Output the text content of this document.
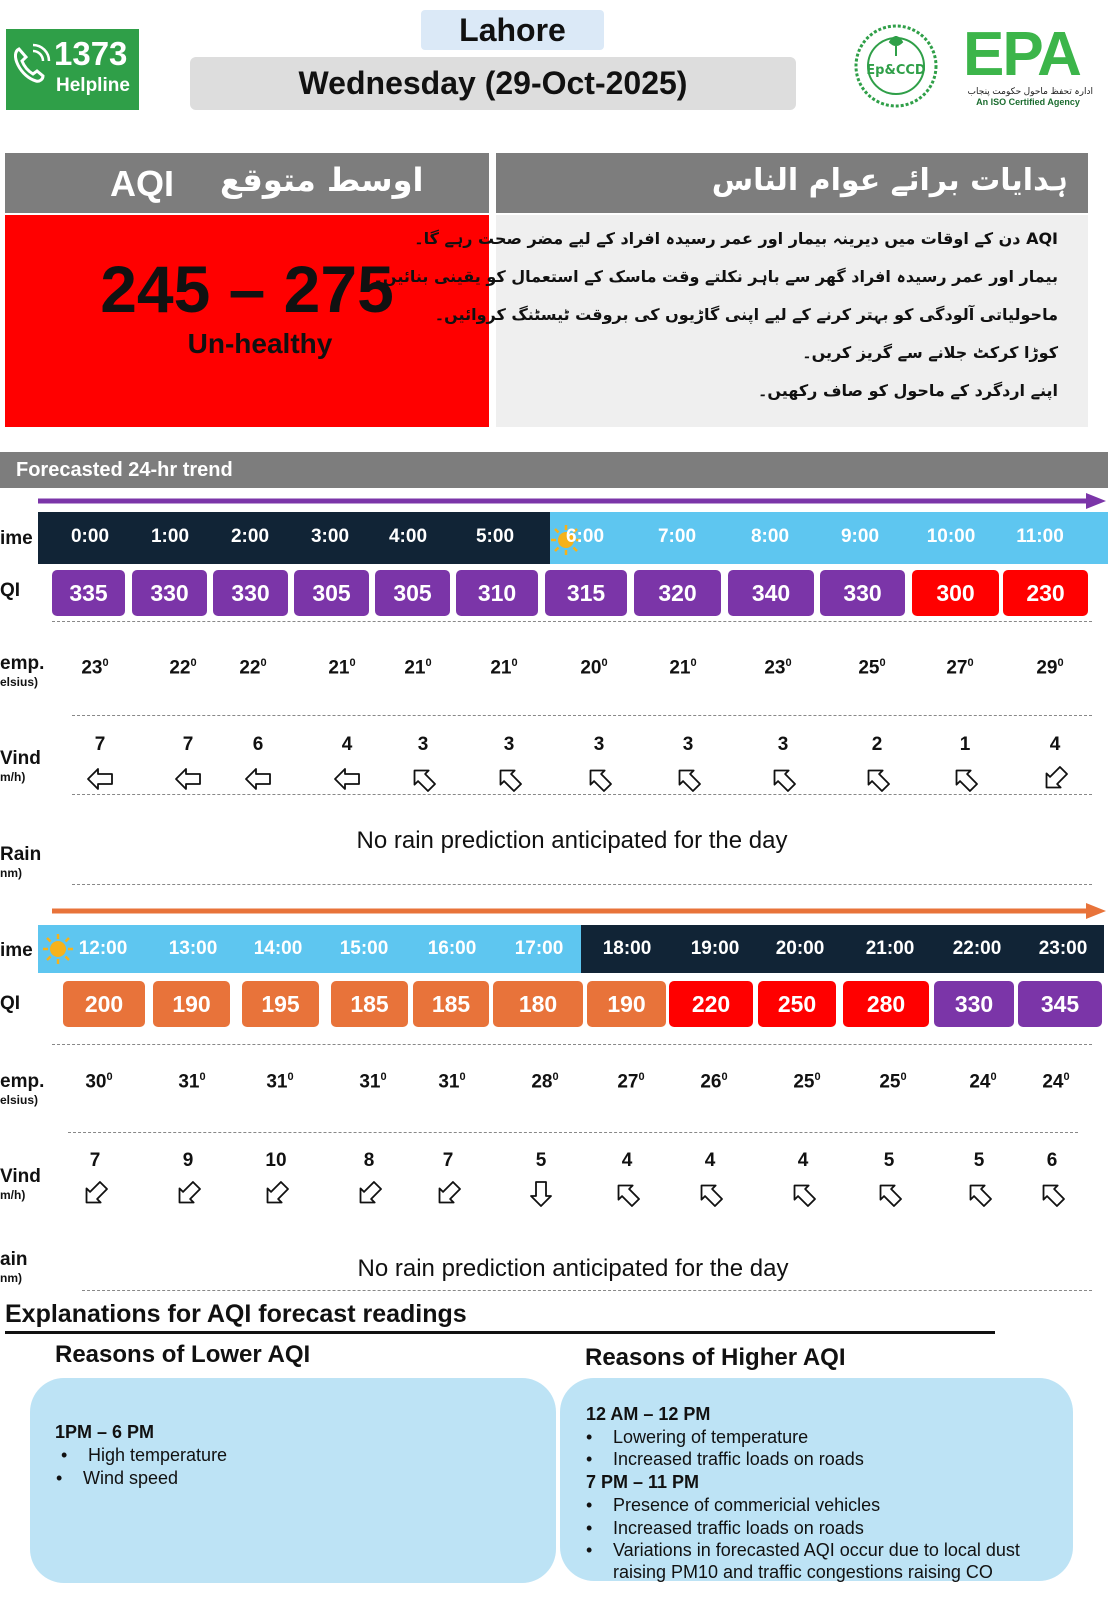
1373
Helpline
Lahore
Wednesday (29-Oct-2025)	Ep&CCD EPA
ادارہ تحفظ ماحول حکومت پنجاب
An ISO Certified Agency
AQI اوسط متوقع
245 – 275
Un-healthy
ہدایات برائے عوام الناس
AQI دن کے اوقات میں دیرینہ بیمار اور عمر رسیدہ افراد کے لیے مضر صحت رہے گا۔
بیمار اور عمر رسیدہ افراد گھر سے باہر نکلتے وقت ماسک کے استعمال کو یقینی بنائیں۔
ماحولیاتی آلودگی کو بہتر کرنے کے لیے اپنی گاڑیوں کی بروقت ٹیسٹنگ کروائیں۔
کوڑا کرکٹ جلانے سے گریز کریں۔
اپنے اردگرد کے ماحول کو صاف رکھیں۔
Forecasted 24-hr trend
ime
QI
emp.
elsius)
Vind
m/h)
Rain
nm)
0:00
335
$23^0$
7
1:00
330
$22^0$
7
2:00
330
$22^0$
6
3:00
305
$21^0$
4
4:00
305
$21^0$
3
5:00
310
$21^0$
3
6:00
315
$20^0$
3
7:00
320
$21^0$
3
8:00
340
$23^0$
3
9:00
330
$25^0$
2
10:00
300
$27^0$
1
11:00
230
$29^0$
4
No rain prediction anticipated for the day
ime
QI
emp.
elsius)
Vind
m/h)
ain
nm)
12:00
200
$30^0$
7
13:00
190
$31^0$
9
14:00
195
$31^0$
10
15:00
185
$31^0$
8
16:00
185
$31^0$
7
17:00
180
$28^0$
5
18:00
190
$27^0$
4
19:00
220
$26^0$
4
20:00
250
$25^0$
4
21:00
280
$25^0$
5
22:00
330
$24^0$
5
23:00
345
$24^0$
6
No rain prediction anticipated for the day
Explanations for AQI forecast readings
Reasons of Lower AQI	Reasons of Higher AQI
1PM – 6 PM
• High temperature
• Wind speed
12 AM – 12 PM
• Lowering of temperature
• Increased traffic loads on roads
7 PM – 11 PM
• Presence of commericial vehicles
• Increased traffic loads on roads
• Variations in forecasted AQI occur due to local dust
raising PM10 and traffic congestions raising CO
